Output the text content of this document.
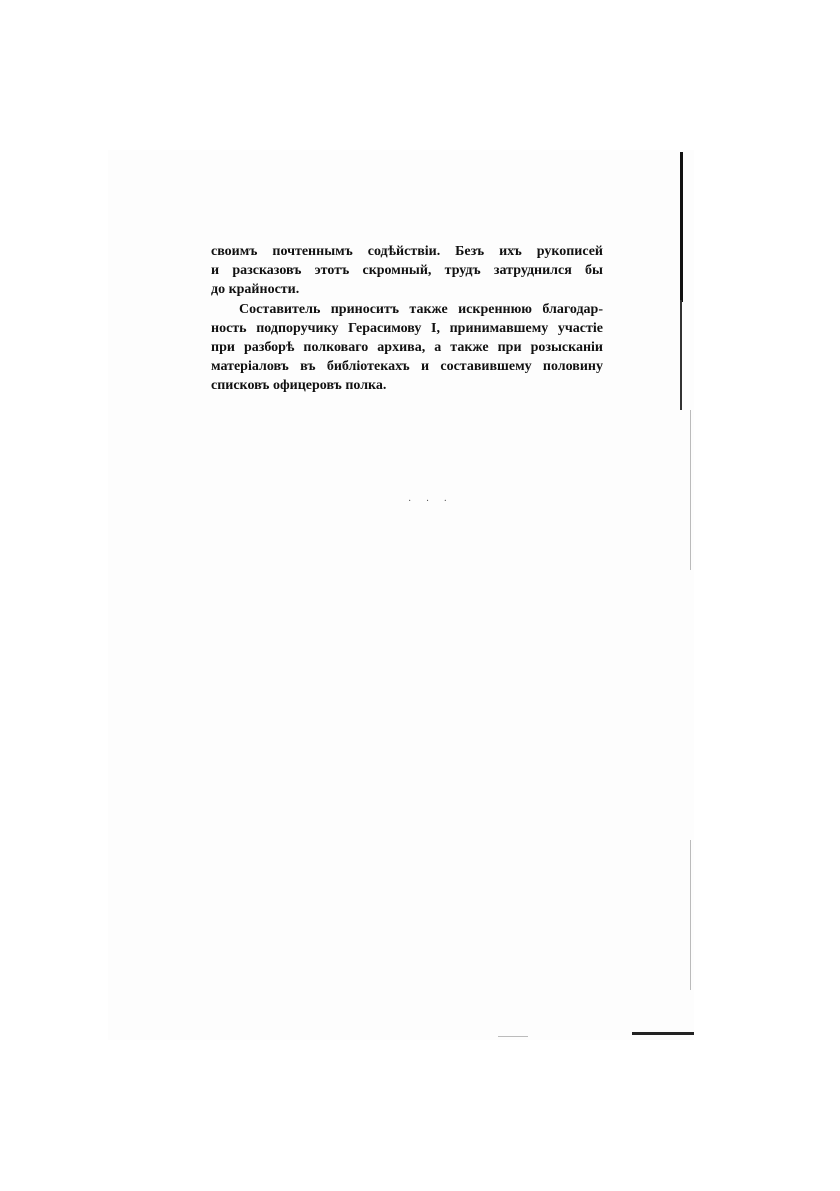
своимъ почтеннымъ содѣйствіи. Безъ ихъ рукописей
и разсказовъ этотъ скромный, трудъ затруднился бы
до крайности.

Составитель приноситъ также искреннюю благодар-
ность подпоручику Герасимову I, принимавшему участіе
при разборѣ полковаго архива, а также при розысканіи
матеріаловъ въ библіотекахъ и составившему половину
списковъ офицеровъ полка.

· · ·
